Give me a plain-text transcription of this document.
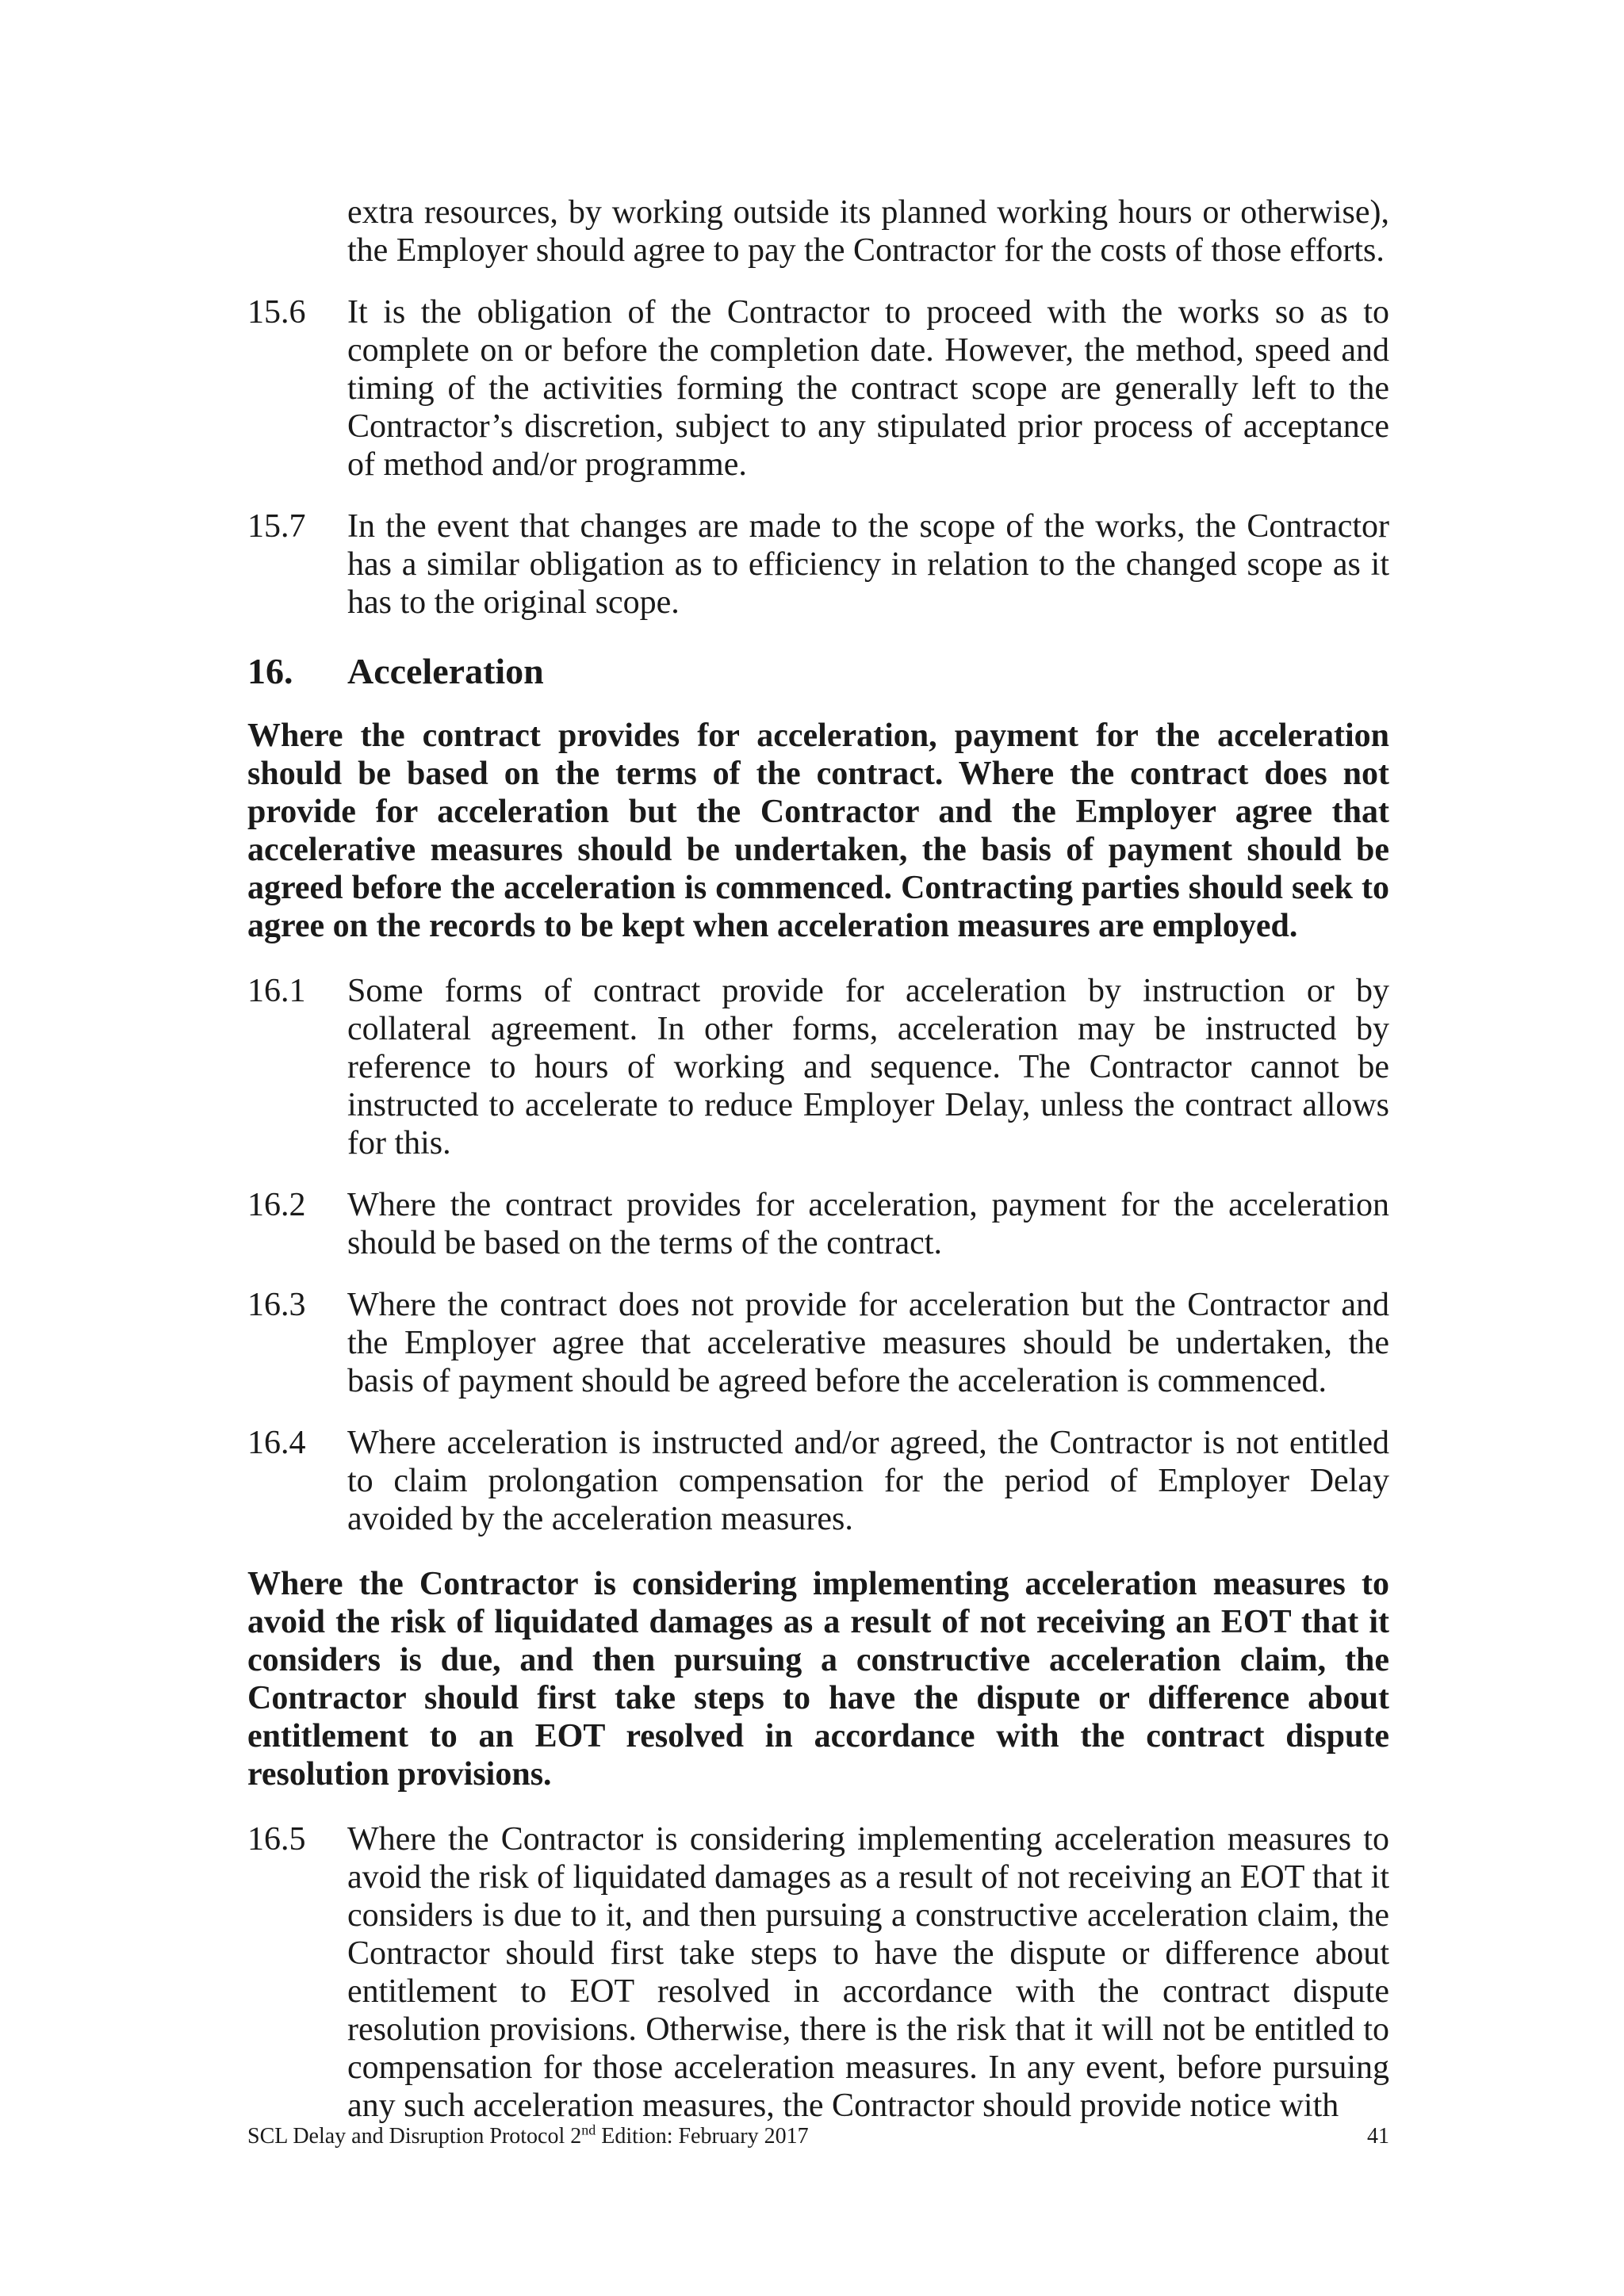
extra resources, by working outside its planned working hours or otherwise), the Employer should agree to pay the Contractor for the costs of those efforts.

15.6	It is the obligation of the Contractor to proceed with the works so as to complete on or before the completion date. However, the method, speed and timing of the activities forming the contract scope are generally left to the Contractor’s discretion, subject to any stipulated prior process of acceptance of method and/or programme.
15.7	In the event that changes are made to the scope of the works, the Contractor has a similar obligation as to efficiency in relation to the changed scope as it has to the original scope.
16.	Acceleration

Where the contract provides for acceleration, payment for the acceleration should be based on the terms of the contract. Where the contract does not provide for acceleration but the Contractor and the Employer agree that accelerative measures should be undertaken, the basis of payment should be agreed before the acceleration is commenced. Contracting parties should seek to agree on the records to be kept when acceleration measures are employed.

16.1	Some forms of contract provide for acceleration by instruction or by collateral agreement. In other forms, acceleration may be instructed by reference to hours of working and sequence. The Contractor cannot be instructed to accelerate to reduce Employer Delay, unless the contract allows for this.
16.2	Where the contract provides for acceleration, payment for the acceleration should be based on the terms of the contract.
16.3	Where the contract does not provide for acceleration but the Contractor and the Employer agree that accelerative measures should be undertaken, the basis of payment should be agreed before the acceleration is commenced.
16.4	Where acceleration is instructed and/or agreed, the Contractor is not entitled to claim prolongation compensation for the period of Employer Delay avoided by the acceleration measures.

Where the Contractor is considering implementing acceleration measures to avoid the risk of liquidated damages as a result of not receiving an EOT that it considers is due, and then pursuing a constructive acceleration claim, the Contractor should first take steps to have the dispute or difference about entitlement to an EOT resolved in accordance with the contract dispute resolution provisions.

16.5	Where the Contractor is considering implementing acceleration measures to avoid the risk of liquidated damages as a result of not receiving an EOT that it considers is due to it, and then pursuing a constructive acceleration claim, the Contractor should first take steps to have the dispute or difference about entitlement to EOT resolved in accordance with the contract dispute resolution provisions. Otherwise, there is the risk that it will not be entitled to compensation for those acceleration measures. In any event, before pursuing any such acceleration measures, the Contractor should provide notice with
SCL Delay and Disruption Protocol 2nd Edition: February 2017	41
